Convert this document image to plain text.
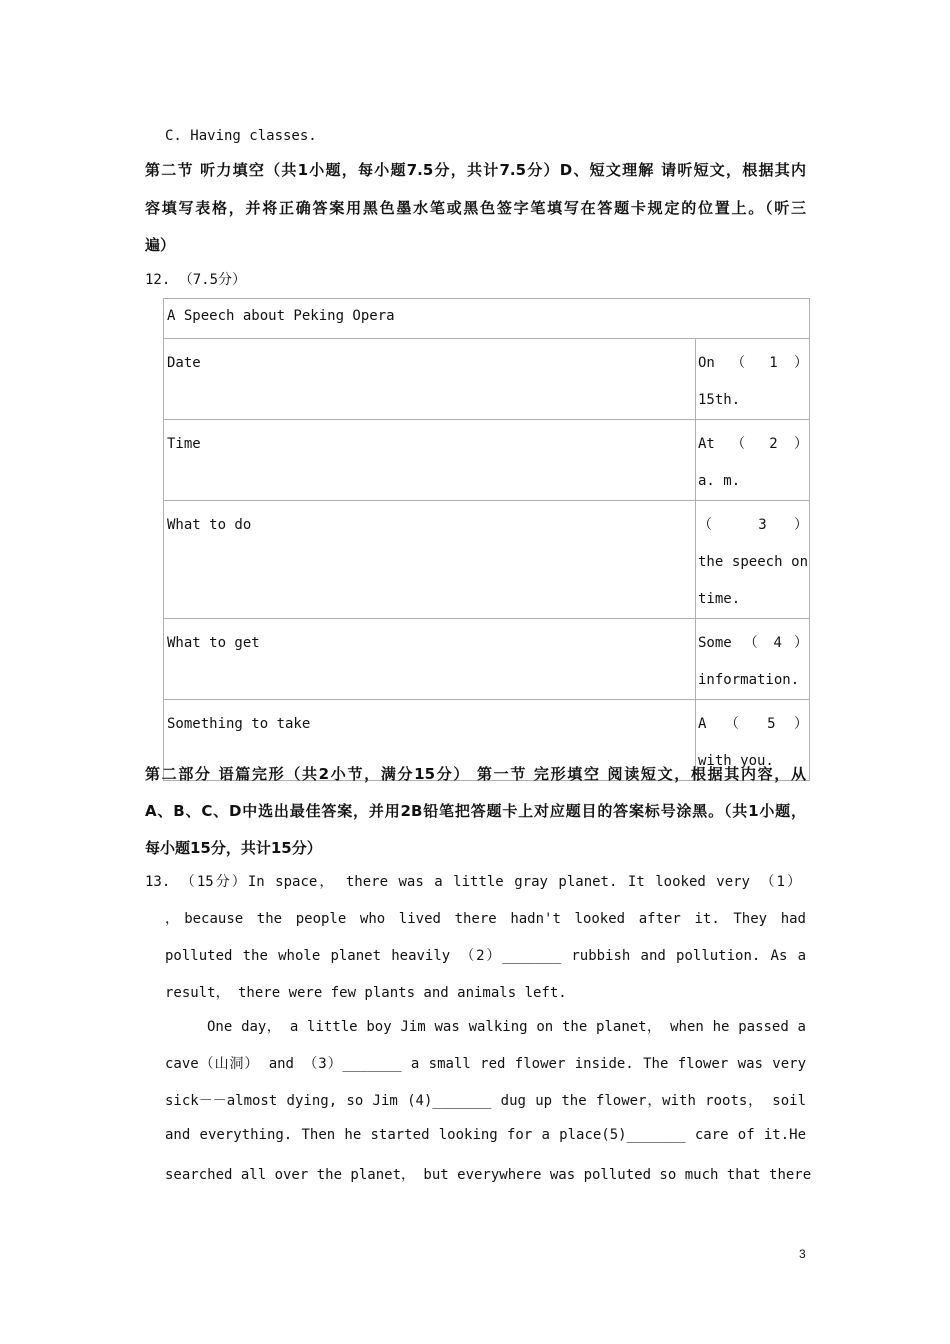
C. Having classes.
第二节 听力填空（共1小题，每小题7.5分，共计7.5分）D、短文理解 请听短文，根据其内
容填写表格，并将正确答案用黑色墨水笔或黑色签字笔填写在答题卡规定的位置上。（听三
遍）
12. （7.5分）
A Speech about Peking Opera	
Date	On （ 1 ）
15th.

Time	At （ 2 ）
a. m.

What to do	（ 3 ）
the speech on
time.

What to get	Some （ 4 ）
information.

Something to take	A （ 5 ）
with you.
第二部分 语篇完形（共2小节，满分15分） 第一节 完形填空 阅读短文，根据其内容，从
A、B、C、D中选出最佳答案，并用2B铅笔把答题卡上对应题目的答案标号涂黑。（共1小题，
每小题15分，共计15分）
13. （15分）In space， there was a little gray planet. It looked very （1）
，because the people who lived there hadn't looked after it. They had
polluted the whole planet heavily （2）_______ rubbish and pollution. As a
result， there were few plants and animals left.
One day， a little boy Jim was walking on the planet， when he passed a
cave（山洞） and （3）_______ a small red flower inside. The flower was very
sick－－almost dying, so Jim (4)_______ dug up the flower，with roots， soil
and everything. Then he started looking for a place(5)_______ care of it.He
searched all over the planet， but everywhere was polluted so much that there
3
